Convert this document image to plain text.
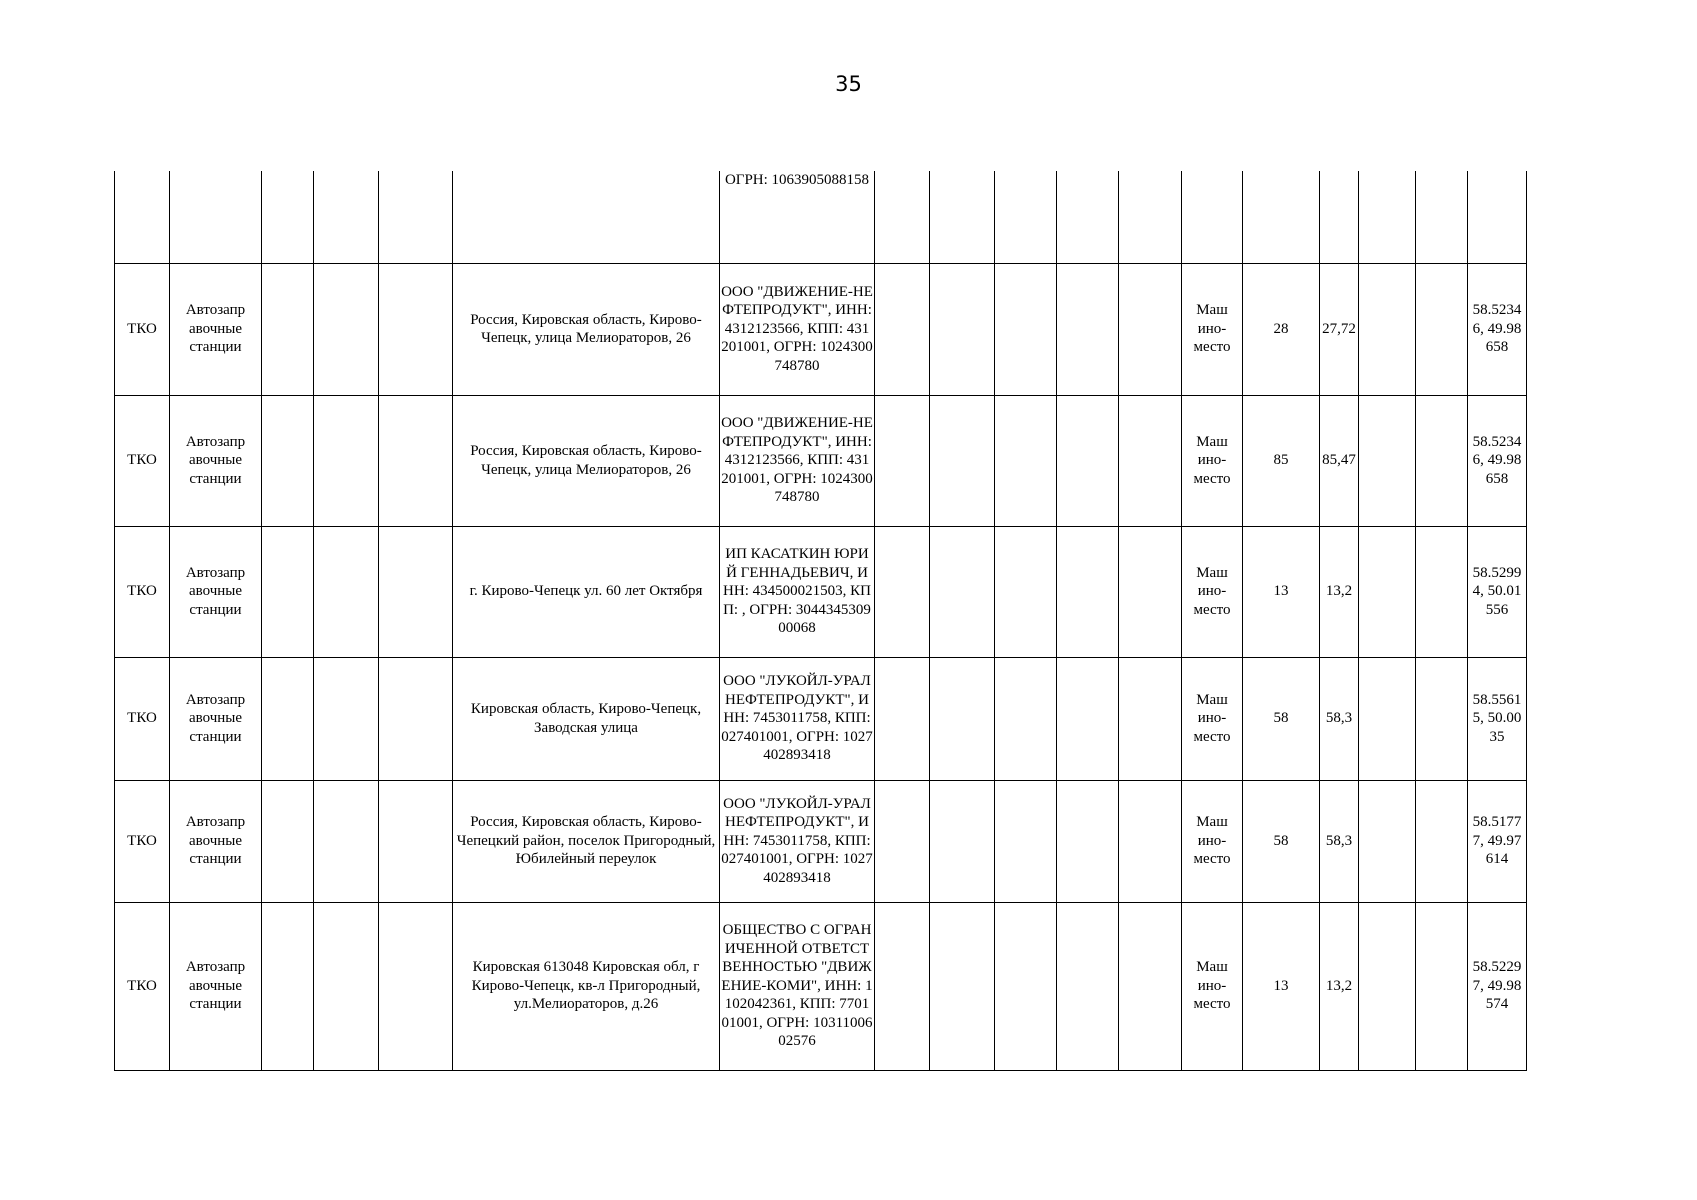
35
						ОГРН: 1063905088158											
ТКО	Автозапр авочные станции				Россия, Кировская область, Кирово-Чепецк, улица Мелиораторов, 26	ООО "ДВИЖЕНИЕ-НЕФТЕПРОДУКТ", ИНН: 4312123566, КПП: 431201001, ОГРН: 1024300748780						Маш ино-место	28	27,72			58.52346, 49.98658
ТКО	Автозапр авочные станции				Россия, Кировская область, Кирово-Чепецк, улица Мелиораторов, 26	ООО "ДВИЖЕНИЕ-НЕФТЕПРОДУКТ", ИНН: 4312123566, КПП: 431201001, ОГРН: 1024300748780						Маш ино-место	85	85,47			58.52346, 49.98658
ТКО	Автозапр авочные станции				г. Кирово-Чепецк ул. 60 лет Октября	ИП КАСАТКИН ЮРИЙ ГЕННАДЬЕВИЧ, ИНН: 434500021503, КПП: , ОГРН: 304434530900068						Маш ино-место	13	13,2			58.52994, 50.01556
ТКО	Автозапр авочные станции				Кировская область, Кирово-Чепецк, Заводская улица	ООО "ЛУКОЙЛ-УРАЛНЕФТЕПРОДУКТ", ИНН: 7453011758, КПП: 027401001, ОГРН: 1027402893418						Маш ино-место	58	58,3			58.55615, 50.0035
ТКО	Автозапр авочные станции				Россия, Кировская область, Кирово-Чепецкий район, поселок Пригородный, Юбилейный переулок	ООО "ЛУКОЙЛ-УРАЛНЕФТЕПРОДУКТ", ИНН: 7453011758, КПП: 027401001, ОГРН: 1027402893418						Маш ино-место	58	58,3			58.51777, 49.97614
ТКО	Автозапр авочные станции				Кировская 613048 Кировская обл, г Кирово-Чепецк, кв-л Пригородный, ул.Мелиораторов, д.26	ОБЩЕСТВО С ОГРАНИЧЕННОЙ ОТВЕТСТВЕННОСТЬЮ "ДВИЖЕНИЕ-КОМИ", ИНН: 1102042361, КПП: 770101001, ОГРН: 1031100602576						Маш ино-место	13	13,2			58.52297, 49.98574
